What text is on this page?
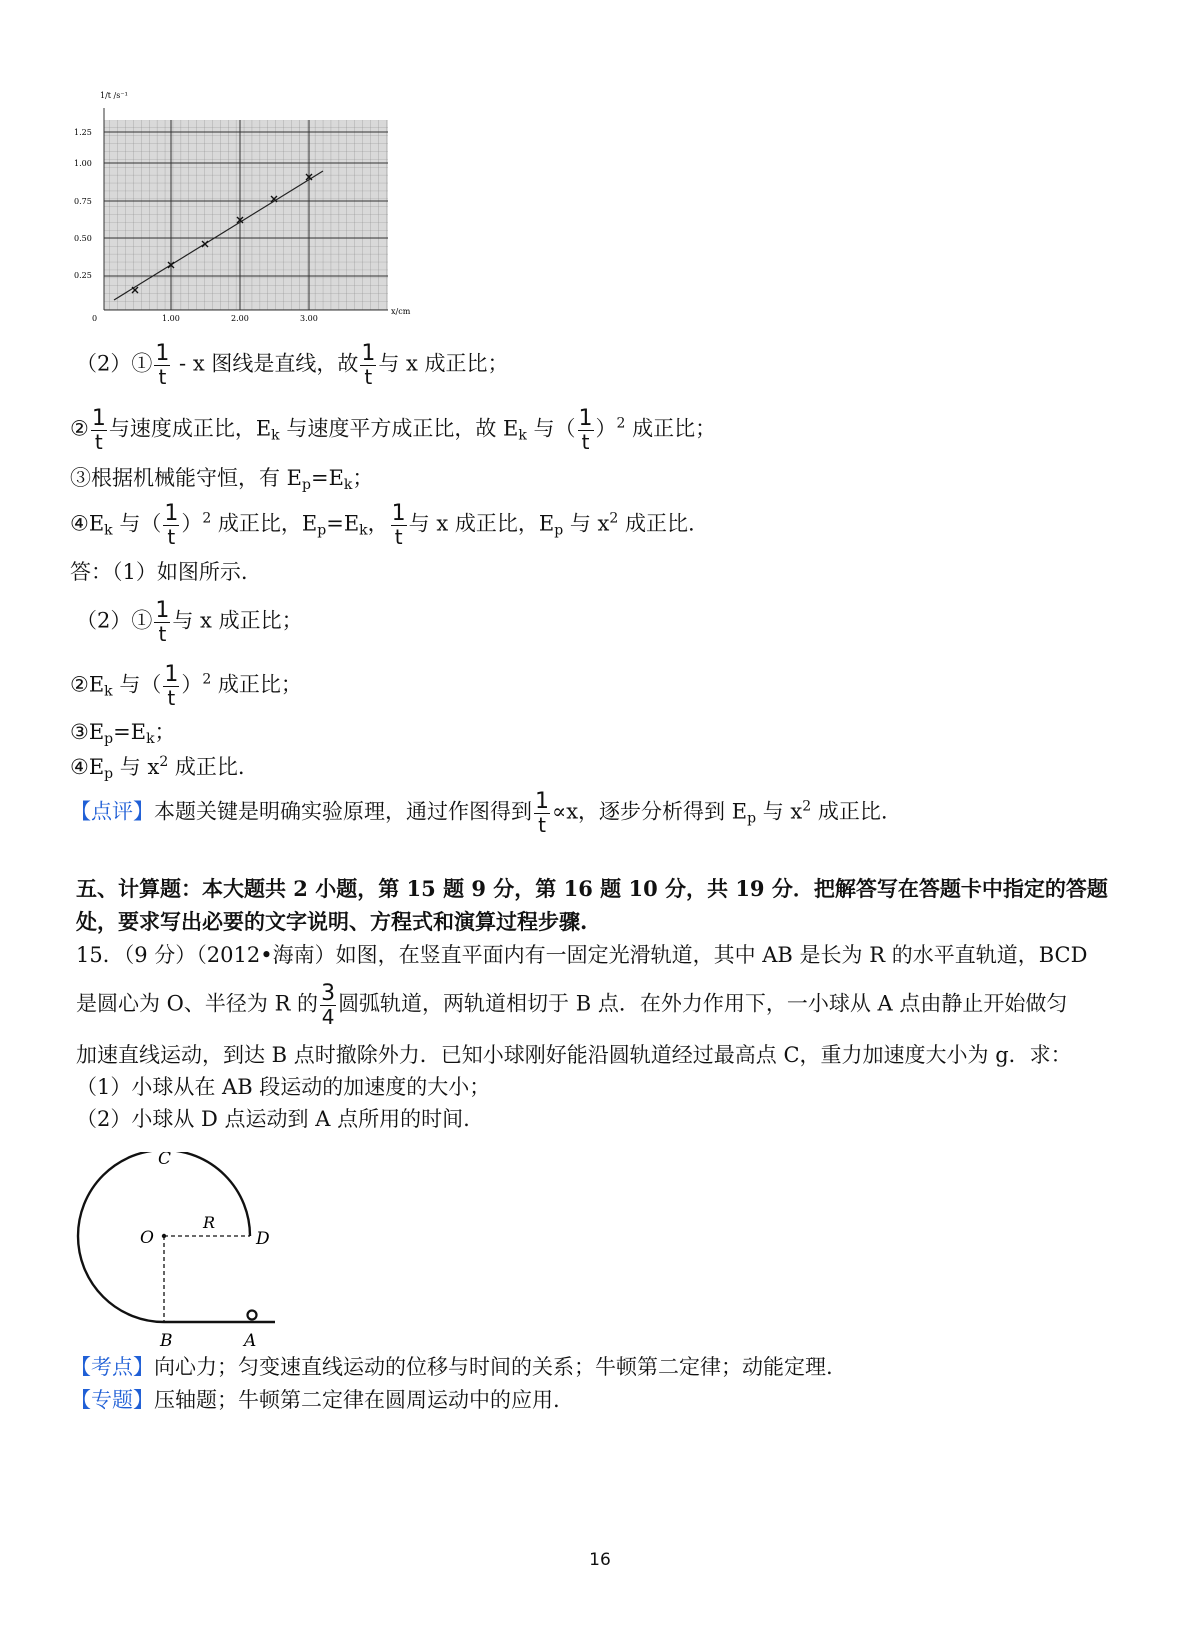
1/t /s⁻¹
x/cm
0.25
0.50
0.75
1.00
1.25
0	1.00	2.00	3.00
（2）① $\frac{1}{t}$ - x 图线是直线，故 $\frac{1}{t}$ 与 x 成正比；
② $\frac{1}{t}$ 与速度成正比，$E_k$ 与速度平方成正比，故 $E_k$ 与（ $\frac{1}{t} )^2$ 成正比；
③根据机械能守恒，有 $E_p=E_k$；
$④E_k$ 与（ $\frac{1}{t} )^2$ 成正比，$E_p=E_k$， $\frac{1}{t}$ 与 x 成正比，$E_p$ 与 $x^2$ 成正比.
答：（1）如图所示.
（2）① $\frac{1}{t}$ 与 x 成正比；
$②E_k$ 与（ $\frac{1}{t} )^2$ 成正比；
$③E_p=E_k$；
$④E_p$ 与 $x^2$ 成正比.
【点评】本题关键是明确实验原理，通过作图得到 $\frac{1}{t} \propto x$，逐步分析得到 $E_p$ 与 $x^2$ 成正比.
五、计算题：本大题共 2 小题，第 15 题 9 分，第 16 题 10 分，共 19 分．把解答写在答题卡中指定的答题
处，要求写出必要的文字说明、方程式和演算过程步骤.
15．（9 分）（2012•海南）如图，在竖直平面内有一固定光滑轨道，其中 AB 是长为 R 的水平直轨道，BCD
是圆心为 O、半径为 R 的 $\frac{3}{4}$ 圆弧轨道，两轨道相切于 B 点．在外力作用下，一小球从 A 点由静止开始做匀
加速直线运动，到达 B 点时撤除外力．已知小球刚好能沿圆轨道经过最高点 C，重力加速度大小为 g．求：
（1）小球从在 AB 段运动的加速度的大小；
（2）小球从 D 点运动到 A 点所用的时间.
C
O
R
D
B	A
【考点】向心力；匀变速直线运动的位移与时间的关系；牛顿第二定律；动能定理.
【专题】压轴题；牛顿第二定律在圆周运动中的应用.
16
